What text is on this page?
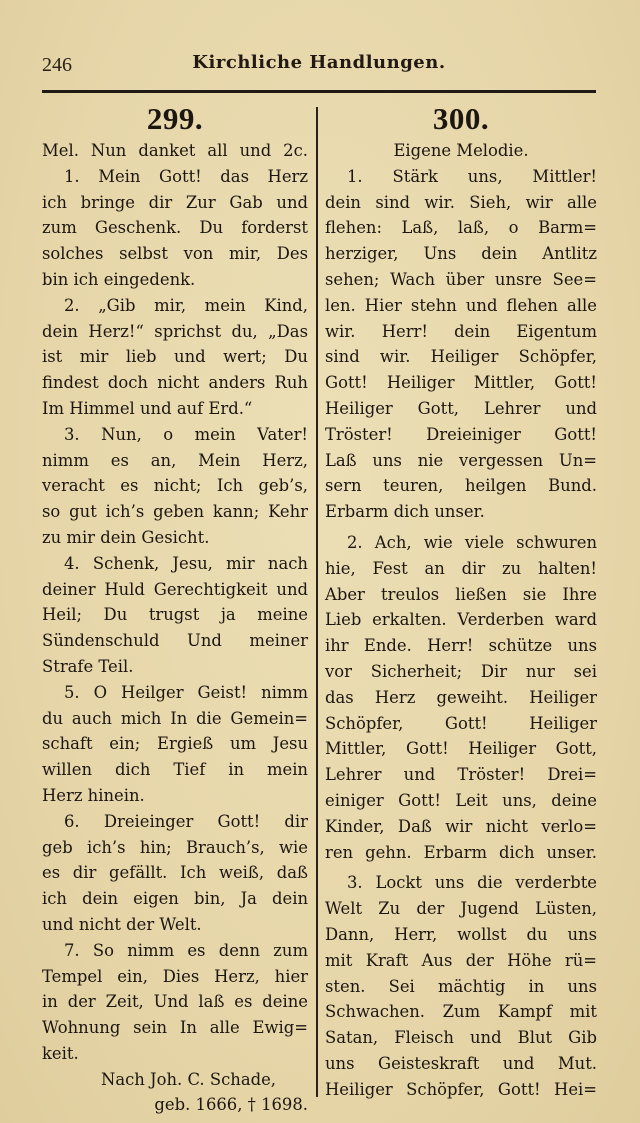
246	Kirchliche Handlungen.
299.
Mel. Nun danket all und 2c.
1. Mein Gott! das Herz
ich bringe dir Zur Gab und
zum Geschenk. Du forderst
solches selbst von mir, Des
bin ich eingedenk.
2. „Gib mir, mein Kind,
dein Herz!“ sprichst du, „Das
ist mir lieb und wert; Du
findest doch nicht anders Ruh
Im Himmel und auf Erd.“
3. Nun, o mein Vater!
nimm es an, Mein Herz,
veracht es nicht; Ich geb’s,
so gut ich’s geben kann; Kehr
zu mir dein Gesicht.
4. Schenk, Jesu, mir nach
deiner Huld Gerechtigkeit und
Heil; Du trugst ja meine
Sündenschuld Und meiner
Strafe Teil.
5. O Heilger Geist! nimm
du auch mich In die Gemein=
schaft ein; Ergieß um Jesu
willen dich Tief in mein
Herz hinein.
6. Dreieinger Gott! dir
geb ich’s hin; Brauch’s, wie
es dir gefällt. Ich weiß, daß
ich dein eigen bin, Ja dein
und nicht der Welt.
7. So nimm es denn zum
Tempel ein, Dies Herz, hier
in der Zeit, Und laß es deine
Wohnung sein In alle Ewig=
keit.
Nach Joh. C. Schade,
geb. 1666, † 1698.
300.
Eigene Melodie.
1. Stärk uns, Mittler!
dein sind wir. Sieh, wir alle
flehen: Laß, laß, o Barm=
herziger, Uns dein Antlitz
sehen; Wach über unsre See=
len. Hier stehn und flehen alle
wir. Herr! dein Eigentum
sind wir. Heiliger Schöpfer,
Gott! Heiliger Mittler, Gott!
Heiliger Gott, Lehrer und
Tröster! Dreieiniger Gott!
Laß uns nie vergessen Un=
sern teuren, heilgen Bund.
Erbarm dich unser.
2. Ach, wie viele schwuren
hie, Fest an dir zu halten!
Aber treulos ließen sie Ihre
Lieb erkalten. Verderben ward
ihr Ende. Herr! schütze uns
vor Sicherheit; Dir nur sei
das Herz geweiht. Heiliger
Schöpfer, Gott! Heiliger
Mittler, Gott! Heiliger Gott,
Lehrer und Tröster! Drei=
einiger Gott! Leit uns, deine
Kinder, Daß wir nicht verlo=
ren gehn. Erbarm dich unser.
3. Lockt uns die verderbte
Welt Zu der Jugend Lüsten,
Dann, Herr, wollst du uns
mit Kraft Aus der Höhe rü=
sten. Sei mächtig in uns
Schwachen. Zum Kampf mit
Satan, Fleisch und Blut Gib
uns Geisteskraft und Mut.
Heiliger Schöpfer, Gott! Hei=
